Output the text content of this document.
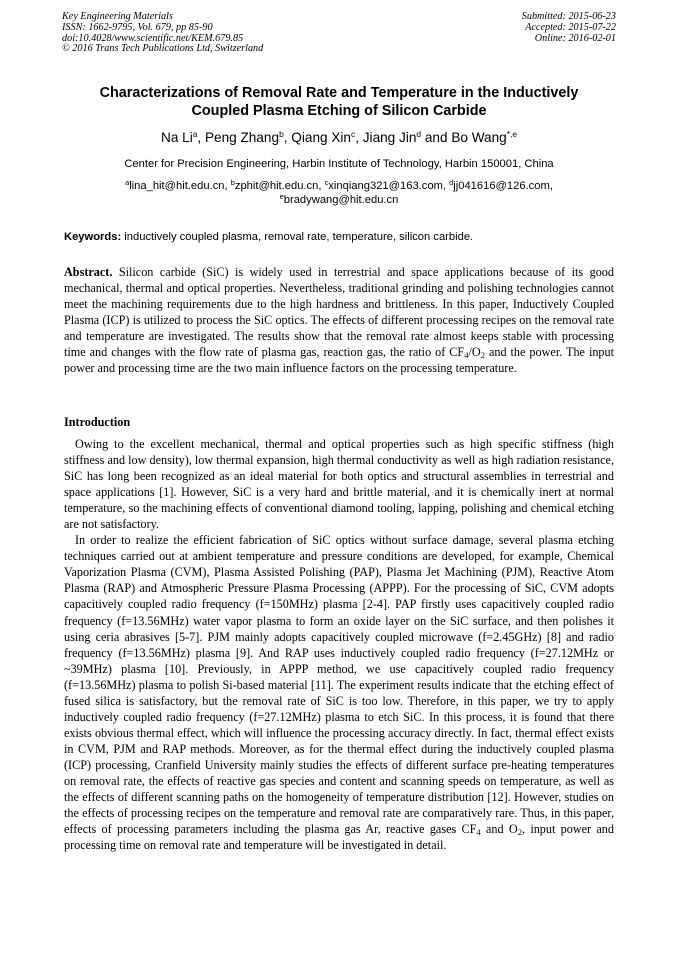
Key Engineering Materials
ISSN: 1662-9795, Vol. 679, pp 85-90
doi:10.4028/www.scientific.net/KEM.679.85
© 2016 Trans Tech Publications Ltd, Switzerland
Submitted: 2015-06-23
Accepted: 2015-07-22
Online: 2016-02-01
Characterizations of Removal Rate and Temperature in the Inductively
Coupled Plasma Etching of Silicon Carbide
Na Li$^a$, Peng Zhang$^b$, Qiang Xin$^c$, Jiang Jin$^d$ and Bo Wang$^{*,e}$
Center for Precision Engineering, Harbin Institute of Technology, Harbin 150001, China
$^a$lina_hit@hit.edu.cn, $^b$zphit@hit.edu.cn, $^c$xinqiang321@163.com, $^d$jj041616@126.com,
$^e$bradywang@hit.edu.cn
Keywords: inductively coupled plasma, removal rate, temperature, silicon carbide.
Abstract. Silicon carbide (SiC) is widely used in terrestrial and space applications because of its good mechanical, thermal and optical properties. Nevertheless, traditional grinding and polishing technologies cannot meet the machining requirements due to the high hardness and brittleness. In this paper, Inductively Coupled Plasma (ICP) is utilized to process the SiC optics. The effects of different processing recipes on the removal rate and temperature are investigated. The results show that the removal rate almost keeps stable with processing time and changes with the flow rate of plasma gas, reaction gas, the ratio of $CF_4/O_2$ and the power. The input power and processing time are the two main influence factors on the processing temperature.
Introduction

Owing to the excellent mechanical, thermal and optical properties such as high specific stiffness (high stiffness and low density), low thermal expansion, high thermal conductivity as well as high radiation resistance, SiC has long been recognized as an ideal material for both optics and structural assemblies in terrestrial and space applications [1]. However, SiC is a very hard and brittle material, and it is chemically inert at normal temperature, so the machining effects of conventional diamond tooling, lapping, polishing and chemical etching are not satisfactory.

In order to realize the efficient fabrication of SiC optics without surface damage, several plasma etching techniques carried out at ambient temperature and pressure conditions are developed, for example, Chemical Vaporization Plasma (CVM), Plasma Assisted Polishing (PAP), Plasma Jet Machining (PJM), Reactive Atom Plasma (RAP) and Atmospheric Pressure Plasma Processing (APPP). For the processing of SiC, CVM adopts capacitively coupled radio frequency (f=150MHz) plasma [2-4]. PAP firstly uses capacitively coupled radio frequency (f=13.56MHz) water vapor plasma to form an oxide layer on the SiC surface, and then polishes it using ceria abrasives [5-7]. PJM mainly adopts capacitively coupled microwave (f=2.45GHz) [8] and radio frequency (f=13.56MHz) plasma [9]. And RAP uses inductively coupled radio frequency (f=27.12MHz or ~39MHz) plasma [10]. Previously, in APPP method, we use capacitively coupled radio frequency (f=13.56MHz) plasma to polish Si-based material [11]. The experiment results indicate that the etching effect of fused silica is satisfactory, but the removal rate of SiC is too low. Therefore, in this paper, we try to apply inductively coupled radio frequency (f=27.12MHz) plasma to etch SiC. In this process, it is found that there exists obvious thermal effect, which will influence the processing accuracy directly. In fact, thermal effect exists in CVM, PJM and RAP methods. Moreover, as for the thermal effect during the inductively coupled plasma (ICP) processing, Cranfield University mainly studies the effects of different surface pre-heating temperatures on removal rate, the effects of reactive gas species and content and scanning speeds on temperature, as well as the effects of different scanning paths on the homogeneity of temperature distribution [12]. However, studies on the effects of processing recipes on the temperature and removal rate are comparatively rare. Thus, in this paper, effects of processing parameters including the plasma gas Ar, reactive gases $CF_4$ and $O_2$, input power and processing time on removal rate and temperature will be investigated in detail.
